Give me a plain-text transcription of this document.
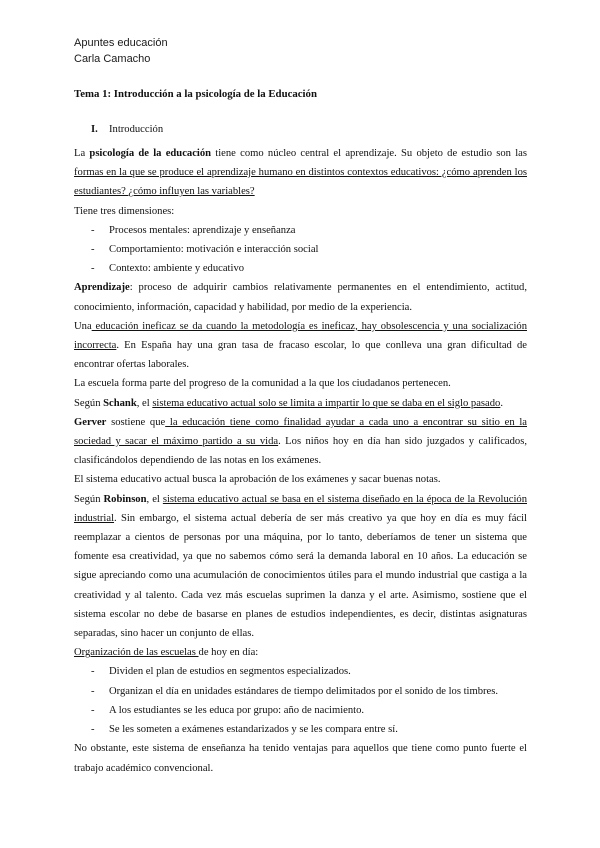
Apuntes educación
Carla Camacho
Tema 1: Introducción a la psicología de la Educación
I.	Introducción

La psicología de la educación tiene como núcleo central el aprendizaje. Su objeto de estudio son las formas en la que se produce el aprendizaje humano en distintos contextos educativos: ¿cómo aprenden los estudiantes? ¿cómo influyen las variables?

Tiene tres dimensiones:

- Procesos mentales: aprendizaje y enseñanza
- Comportamiento: motivación e interacción social
- Contexto: ambiente y educativo

Aprendizaje: proceso de adquirir cambios relativamente permanentes en el entendimiento, actitud, conocimiento, información, capacidad y habilidad, por medio de la experiencia.

Una educación ineficaz se da cuando la metodología es ineficaz, hay obsolescencia y una socialización incorrecta. En España hay una gran tasa de fracaso escolar, lo que conlleva una gran dificultad de encontrar ofertas laborales.

La escuela forma parte del progreso de la comunidad a la que los ciudadanos pertenecen.

Según Schank, el sistema educativo actual solo se limita a impartir lo que se daba en el siglo pasado.

Gerver sostiene que la educación tiene como finalidad ayudar a cada uno a encontrar su sitio en la sociedad y sacar el máximo partido a su vida. Los niños hoy en día han sido juzgados y calificados, clasificándolos dependiendo de las notas en los exámenes.

El sistema educativo actual busca la aprobación de los exámenes y sacar buenas notas.

Según Robinson, el sistema educativo actual se basa en el sistema diseñado en la época de la Revolución industrial. Sin embargo, el sistema actual debería de ser más creativo ya que hoy en día es muy fácil reemplazar a cientos de personas por una máquina, por lo tanto, deberíamos de tener un sistema que fomente esa creatividad, ya que no sabemos cómo será la demanda laboral en 10 años. La educación se sigue apreciando como una acumulación de conocimientos útiles para el mundo industrial que castiga a la creatividad y al talento. Cada vez más escuelas suprimen la danza y el arte. Asimismo, sostiene que el sistema escolar no debe de basarse en planes de estudios independientes, es decir, distintas asignaturas separadas, sino hacer un conjunto de ellas.

Organización de las escuelas de hoy en día:

- Dividen el plan de estudios en segmentos especializados.
- Organizan el día en unidades estándares de tiempo delimitados por el sonido de los timbres.
- A los estudiantes se les educa por grupo: año de nacimiento.
- Se les someten a exámenes estandarizados y se les compara entre sí.

No obstante, este sistema de enseñanza ha tenido ventajas para aquellos que tiene como punto fuerte el trabajo académico convencional.
